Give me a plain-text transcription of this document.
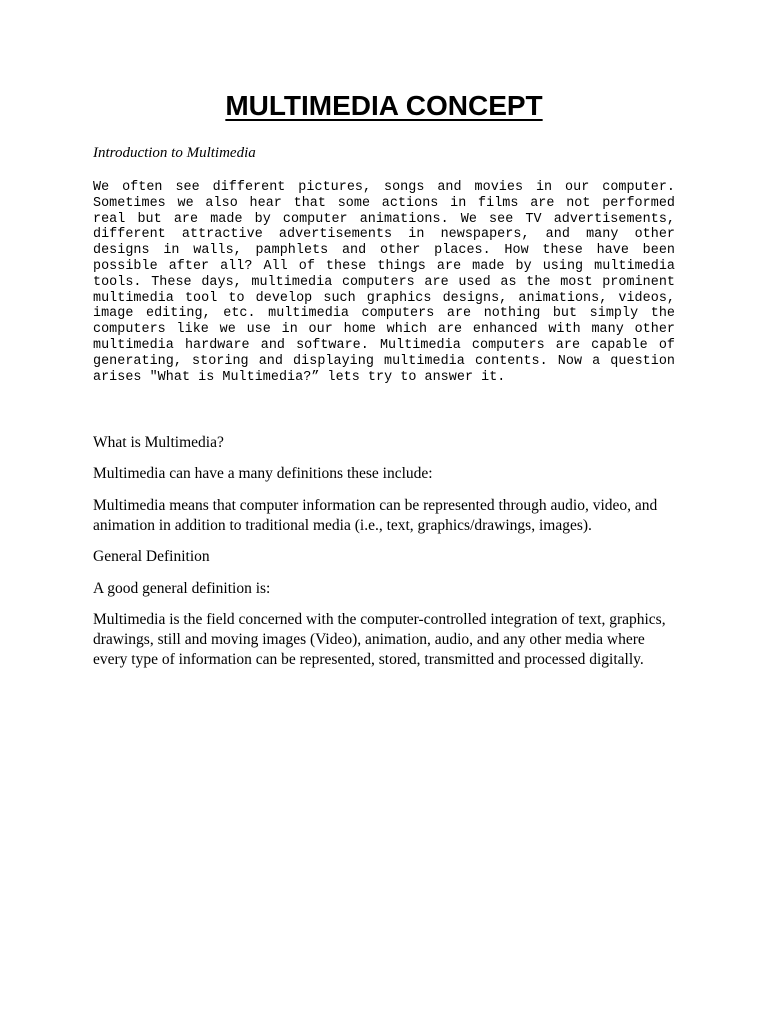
MULTIMEDIA CONCEPT

Introduction to Multimedia

We often see different pictures, songs and movies in our computer. Sometimes we also hear that some actions in films are not performed real but are made by computer animations. We see TV advertisements, different attractive advertisements in newspapers, and many other designs in walls, pamphlets and other places. How these have been possible after all? All of these things are made by using multimedia tools. These days, multimedia computers are used as the most prominent multimedia tool to develop such graphics designs, animations, videos, image editing, etc. multimedia computers are nothing but simply the computers like we use in our home which are enhanced with many other multimedia hardware and software. Multimedia computers are capable of generating, storing and displaying multimedia contents. Now a question arises "What is Multimedia?” lets try to answer it.

What is Multimedia?

Multimedia can have a many definitions these include:

Multimedia means that computer information can be represented through audio, video, and animation in addition to traditional media (i.e., text, graphics/drawings, images).

General Definition

A good general definition is:

Multimedia is the field concerned with the computer-controlled integration of text, graphics, drawings, still and moving images (Video), animation, audio, and any other media where every type of information can be represented, stored, transmitted and processed digitally.
